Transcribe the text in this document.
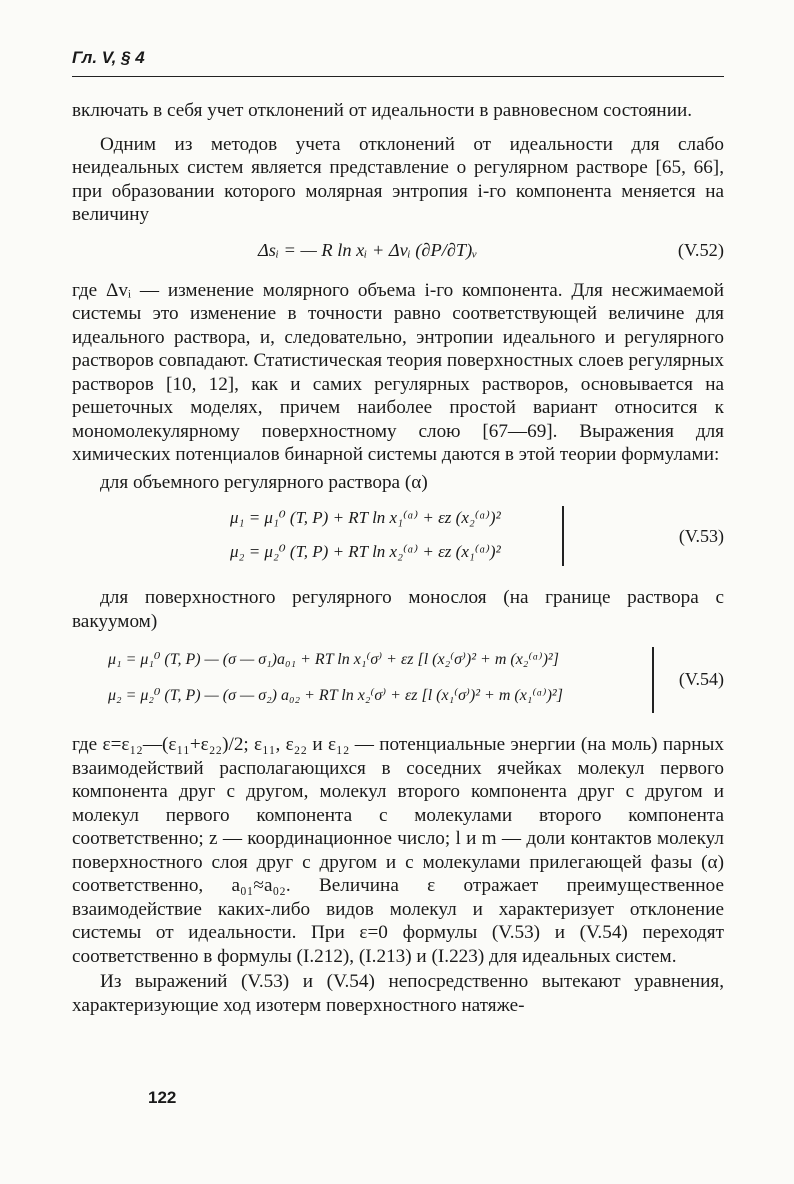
Гл. V, § 4

включать в себя учет отклонений от идеальности в равновесном состоянии.

Одним из методов учета отклонений от идеальности для слабо неидеальных систем является представление о регулярном растворе [65, 66], при образовании которого молярная энтропия i-го компонента меняется на величину

Δsᵢ = — R ln xᵢ + Δvᵢ (∂P/∂T)ᵥ	(V.52)

где Δvᵢ — изменение молярного объема i-го компонента. Для несжимаемой системы это изменение в точности равно соответствующей величине для идеального раствора, и, следовательно, энтропии идеального и регулярного растворов совпадают. Статистическая теория поверхностных слоев регулярных растворов [10, 12], как и самих регулярных растворов, основывается на решеточных моделях, причем наиболее простой вариант относится к мономолекулярному поверхностному слою [67—69]. Выражения для химических потенциалов бинарной системы даются в этой теории формулами:

для объемного регулярного раствора (α)

μ₁ = μ₁⁰ (T, P) + RT ln x₁⁽ᵅ⁾ + εz (x₂⁽ᵅ⁾)²
μ₂ = μ₂⁰ (T, P) + RT ln x₂⁽ᵅ⁾ + εz (x₁⁽ᵅ⁾)²
(V.53)

для поверхностного регулярного монослоя (на границе раствора с вакуумом)

μ₁ = μ₁⁰ (T, P) — (σ — σ₁)a₀₁ + RT ln x₁⁽σ⁾ + εz [l (x₂⁽σ⁾)² + m (x₂⁽ᵅ⁾)²]
μ₂ = μ₂⁰ (T, P) — (σ — σ₂) a₀₂ + RT ln x₂⁽σ⁾ + εz [l (x₁⁽σ⁾)² + m (x₁⁽ᵅ⁾)²]
(V.54)

где ε=ε₁₂—(ε₁₁+ε₂₂)/2; ε₁₁, ε₂₂ и ε₁₂ — потенциальные энергии (на моль) парных взаимодействий располагающихся в соседних ячейках молекул первого компонента друг с другом, молекул второго компонента друг с другом и молекул первого компонента с молекулами второго компонента соответственно; z — координационное число; l и m — доли контактов молекул поверхностного слоя друг с другом и с молекулами прилегающей фазы (α) соответственно, a₀₁≈a₀₂. Величина ε отражает преимущественное взаимодействие каких-либо видов молекул и характеризует отклонение системы от идеальности. При ε=0 формулы (V.53) и (V.54) переходят соответственно в формулы (I.212), (I.213) и (I.223) для идеальных систем.

Из выражений (V.53) и (V.54) непосредственно вытекают уравнения, характеризующие ход изотерм поверхностного натяже-

122
